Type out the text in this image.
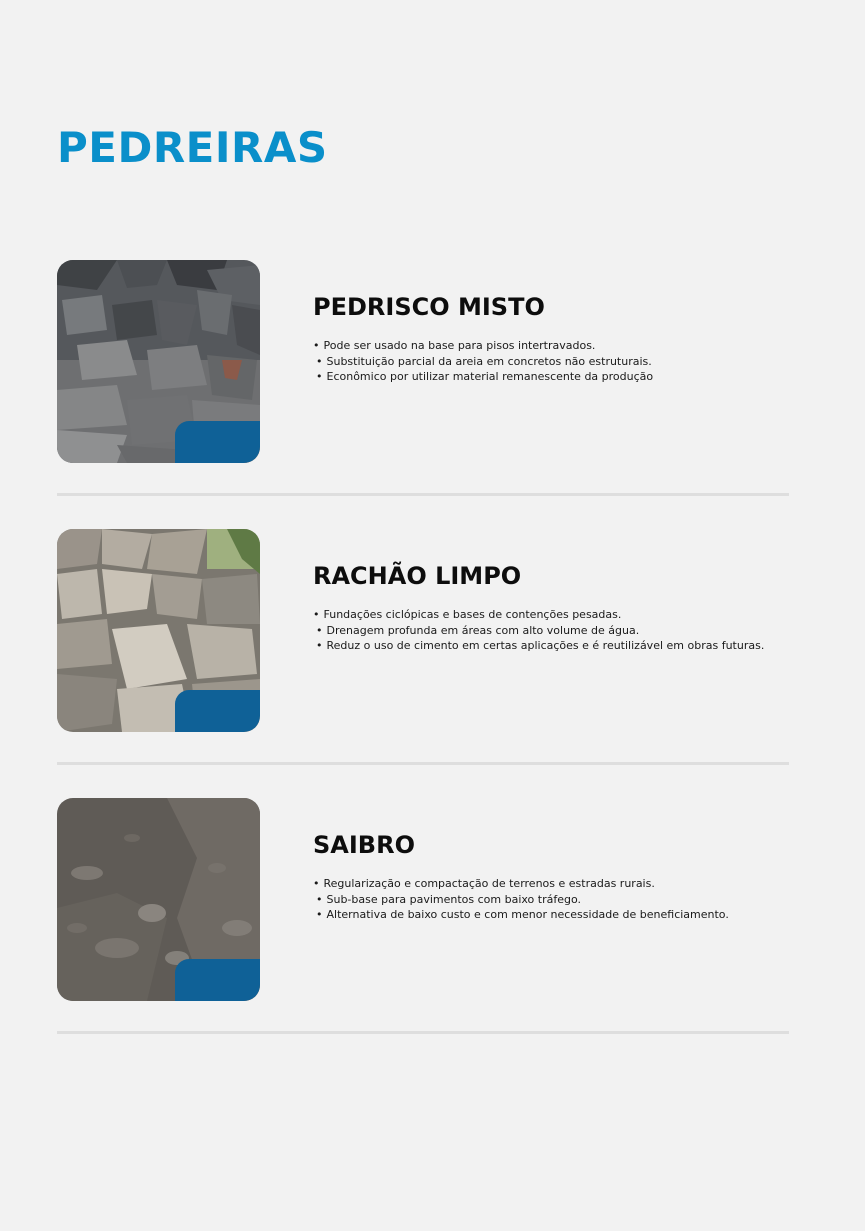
PEDREIRAS
PEDRISCO MISTO
• Pode ser usado na base para pisos intertravados.
• Substituição parcial da areia em concretos não estruturais.
• Econômico por utilizar material remanescente da produção
RACHÃO LIMPO
• Fundações ciclópicas e bases de contenções pesadas.
• Drenagem profunda em áreas com alto volume de água.
• Reduz o uso de cimento em certas aplicações e é reutilizável em obras futuras.
SAIBRO
• Regularização e compactação de terrenos e estradas rurais.
• Sub-base para pavimentos com baixo tráfego.
• Alternativa de baixo custo e com menor necessidade de beneficiamento.
